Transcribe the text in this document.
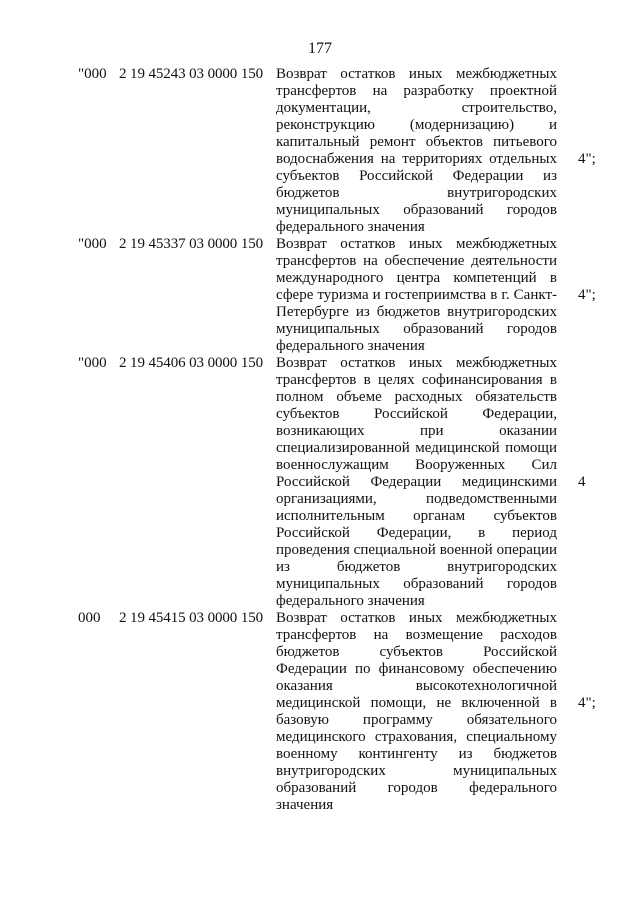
177
"000 2 19 45243 03 0000 150 Возврат остатков иных межбюджетных трансфертов на разработку проектной документации, строительство, реконструкцию (модернизацию) и капитальный ремонт объектов питьевого водоснабжения на территориях отдельных субъектов Российской Федерации из бюджетов внутригородских муниципальных образований городов федерального значения
4";
"000 2 19 45337 03 0000 150 Возврат остатков иных межбюджетных трансфертов на обеспечение деятельности международного центра компетенций в сфере туризма и гостеприимства в г. Санкт-Петербурге из бюджетов внутригородских муниципальных образований городов федерального значения
4";
"000 2 19 45406 03 0000 150 Возврат остатков иных межбюджетных трансфертов в целях софинансирования в полном объеме расходных обязательств субъектов Российской Федерации, возникающих при оказании специализированной медицинской помощи военнослужащим Вооруженных Сил Российской Федерации медицинскими организациями, подведомственными исполнительным органам субъектов Российской Федерации, в период проведения специальной военной операции из бюджетов внутригородских муниципальных образований городов федерального значения
4
000	2 19 45415 03 0000 150 Возврат остатков иных межбюджетных трансфертов на возмещение расходов бюджетов субъектов Российской Федерации по финансовому обеспечению оказания высокотехнологичной медицинской помощи, не включенной в базовую программу обязательного медицинского страхования, специальному военному контингенту из бюджетов внутригородских муниципальных образований городов федерального значения
4";
